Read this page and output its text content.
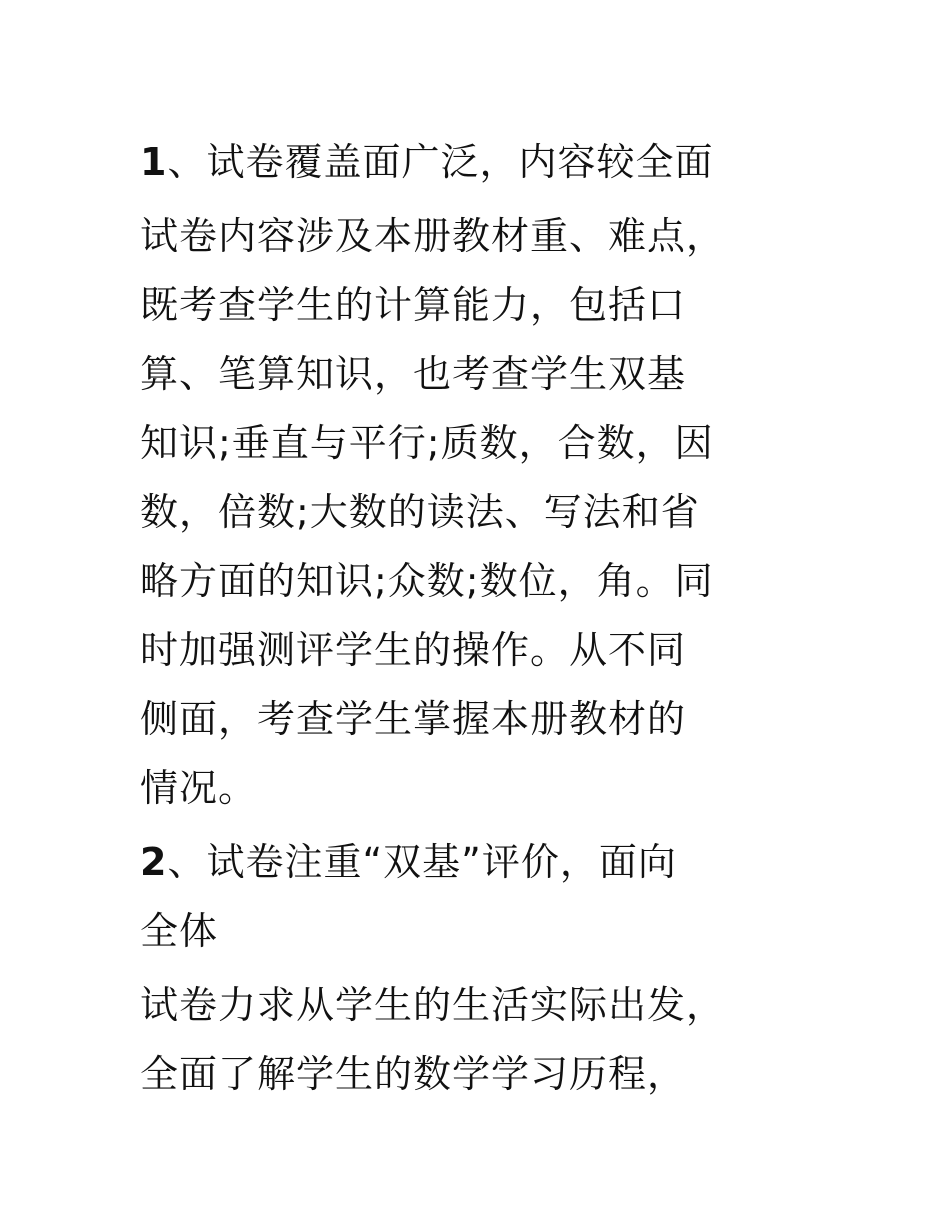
1、试卷覆盖面广泛，内容较全面
试卷内容涉及本册教材重、难点，
既考查学生的计算能力，包括口
算、笔算知识，也考查学生双基
知识;垂直与平行;质数，合数，因
数，倍数;大数的读法、写法和省
略方面的知识;众数;数位，角。同
时加强测评学生的操作。从不同
侧面，考查学生掌握本册教材的
情况。
2、试卷注重“双基”评价，面向
全体
试卷力求从学生的生活实际出发，
全面了解学生的数学学习历程，
